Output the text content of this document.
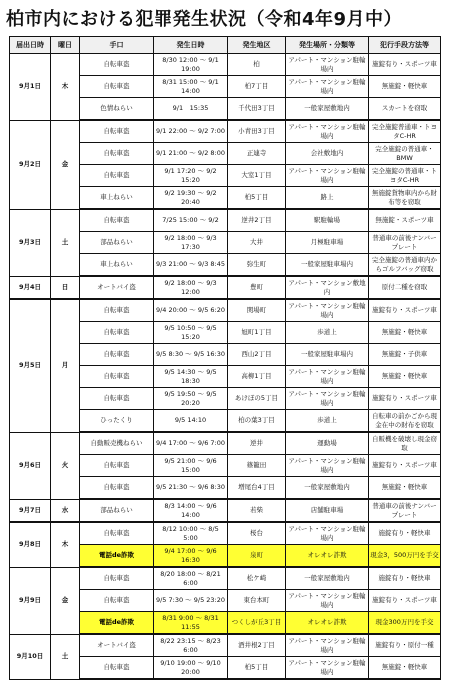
柏市内における犯罪発生状況（令和4年9月中）
届出日時	曜日	手口	発生日時	発生地区	発生場所・分類等	犯行手段方法等
9月1日	木	自転車盗	8/30 12:00 ～ 9/1 19:00	柏	アパート・マンション駐輪場内	施錠有り・スポーツ車
		自転車盗	8/31 15:00 ～ 9/1 14:00	柏7丁目	アパート・マンション駐輪場内	無施錠・軽快車
		色情ねらい	9/1　15:35	千代田3丁目	一般家屋敷地内	スカートを窃取
9月2日	金	自転車盗	9/1 22:00 ～ 9/2 7:00	小青田3丁目	アパート・マンション駐輪場内	完全施錠普通車・トヨタC-HR
		自転車盗	9/1 21:00 ～ 9/2 8:00	正連寺	会社敷地内	完全施錠の普通車・BMW
		自転車盗	9/1 17:20 ～ 9/2 15:20	大室1丁目	アパート・マンション駐輪場内	完全施錠の普通車・トヨタC-HR
		車上ねらい	9/2 19:30 ～ 9/2 20:40	柏5丁目	路上	無施錠貨物車内から財布等を窃取
9月3日	土	自転車盗	7/25 15:00 ～ 9/2	逆井2丁目	駅駐輪場	無施錠・スポーツ車
		部品ねらい	9/2 18:00 ～ 9/3 17:30	大井	月極駐車場	普通車の前後ナンバープレート
		車上ねらい	9/3 21:00 ～ 9/3 8:45	弥生町	一般家屋駐車場内	完全施錠の普通車内からゴルフバッグ窃取
9月4日	日	オートバイ盗	9/2 18:00 ～ 9/3 12:00	豊町	アパート・マンション敷地内	原付二種を窃取
9月5日	月	自転車盗	9/4 20:00 ～ 9/5 6:20	関場町	アパート・マンション駐輪場内	施錠有り・スポーツ車
		自転車盗	9/5 10:50 ～ 9/5 15:20	旭町1丁目	歩道上	無施錠・軽快車
		自転車盗	9/5 8:30 ～ 9/5 16:30	西山2丁目	一般家屋駐車場内	無施錠・子供車
		自転車盗	9/5 14:30 ～ 9/5 18:30	高柳1丁目	アパート・マンション駐輪場内	無施錠・軽快車
		自転車盗	9/5 19:50 ～ 9/5 20:20	あけぼの5丁目	アパート・マンション駐輪場内	施錠有り・スポーツ車
		ひったくり	9/5 14:10	柏の葉3丁目	歩道上	自転車の前かごから現金在中の財布を窃取
9月6日	火	自動販売機ねらい	9/4 17:00 ～ 9/6 7:00	逆井	運動場	自販機を破壊し現金窃取
		自転車盗	9/5 21:00 ～ 9/6 15:00	篠籠田	アパート・マンション駐輪場内	施錠有り・スポーツ車
		自転車盗	9/5 21:30 ～ 9/6 8:30	増尾台4丁目	一般家屋敷地内	無施錠・軽快車
9月7日	水	部品ねらい	8/3 14:00 ～ 9/6 14:00	若柴	店舗駐車場	普通車の前後ナンバープレート
9月8日	木	自転車盗	8/12 10:00 ～ 8/5 5:00	桜台	アパート・マンション駐輪場内	施錠有り・軽快車
		電話de詐欺	9/4 17:00 ～ 9/6 16:30	泉町	オレオレ詐欺	現金3，500万円を手交
9月9日	金	自転車盗	8/20 18:00 ～ 8/21 6:00	松ケ崎	一般家屋敷地内	施錠有り・軽快車
		自転車盗	9/5 7:30 ～ 9/5 23:20	東台本町	アパート・マンション駐輪場内	施錠有り・スポーツ車
		電話de詐欺	8/31 9:00 ～ 8/31 11:55	つくしが丘3丁目	オレオレ詐欺	現金300万円を手交
9月10日	土	オートバイ盗	8/22 23:15 ～ 8/23 6:00	酒井根2丁目	アパート・マンション駐輪場内	施錠有り・原付一種
		自転車盗	9/10 19:00 ～ 9/10 20:00	柏5丁目	アパート・マンション駐輪場内	無施錠・軽快車
